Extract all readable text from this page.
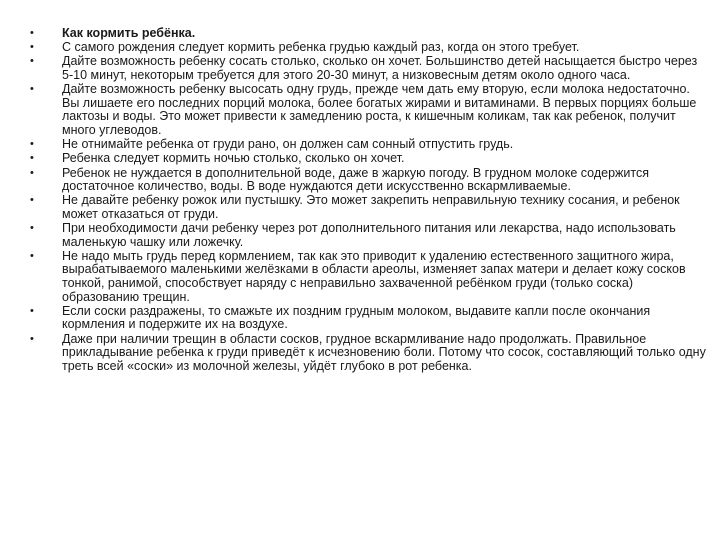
• Как кормить ребёнка.
• С самого рождения следует кормить ребенка грудью каждый раз, когда он этого требует.
• Дайте возможность ребенку сосать столько, сколько он хочет. Большинство детей насыщается быстро через 5-10 минут, некоторым требуется для этого 20-30 минут, а низковесным детям около одного часа.
• Дайте возможность ребенку высосать одну грудь, прежде чем дать ему вторую, если молока недостаточно. Вы лишаете его последних порций молока, более богатых жирами и витаминами. В первых порциях больше лактозы и воды. Это может привести к замедлению роста, к кишечным коликам, так как ребенок, получит много углеводов.
• Не отнимайте ребенка от груди рано, он должен сам сонный отпустить грудь.
• Ребенка следует кормить ночью столько, сколько он хочет.
• Ребенок не нуждается в дополнительной воде, даже в жаркую погоду. В грудном молоке содержится достаточное количество, воды. В воде нуждаются дети искусственно вскармливаемые.
• Не давайте ребенку рожок или пустышку. Это может закрепить неправильную технику сосания, и ребенок может отказаться от груди.
• При необходимости дачи ребенку через рот дополнительного питания или лекарства, надо использовать маленькую чашку или ложечку.
• Не надо мыть грудь перед кормлением, так как это приводит к удалению естественного защитного жира, вырабатываемого маленькими желёзками в области ареолы, изменяет запах матери и делает кожу сосков тонкой, ранимой, способствует наряду с неправильно захваченной ребёнком груди (только соска) образованию трещин.
• Если соски раздражены, то смажьте их поздним грудным молоком, выдавите капли после окончания кормления и подержите их на воздухе.
• Даже при наличии трещин в области сосков, грудное вскармливание надо продолжать. Правильное прикладывание ребенка к груди приведёт к исчезновению боли. Потому что сосок, составляющий только одну треть всей «соски» из молочной железы, уйдёт глубоко в рот ребенка.
